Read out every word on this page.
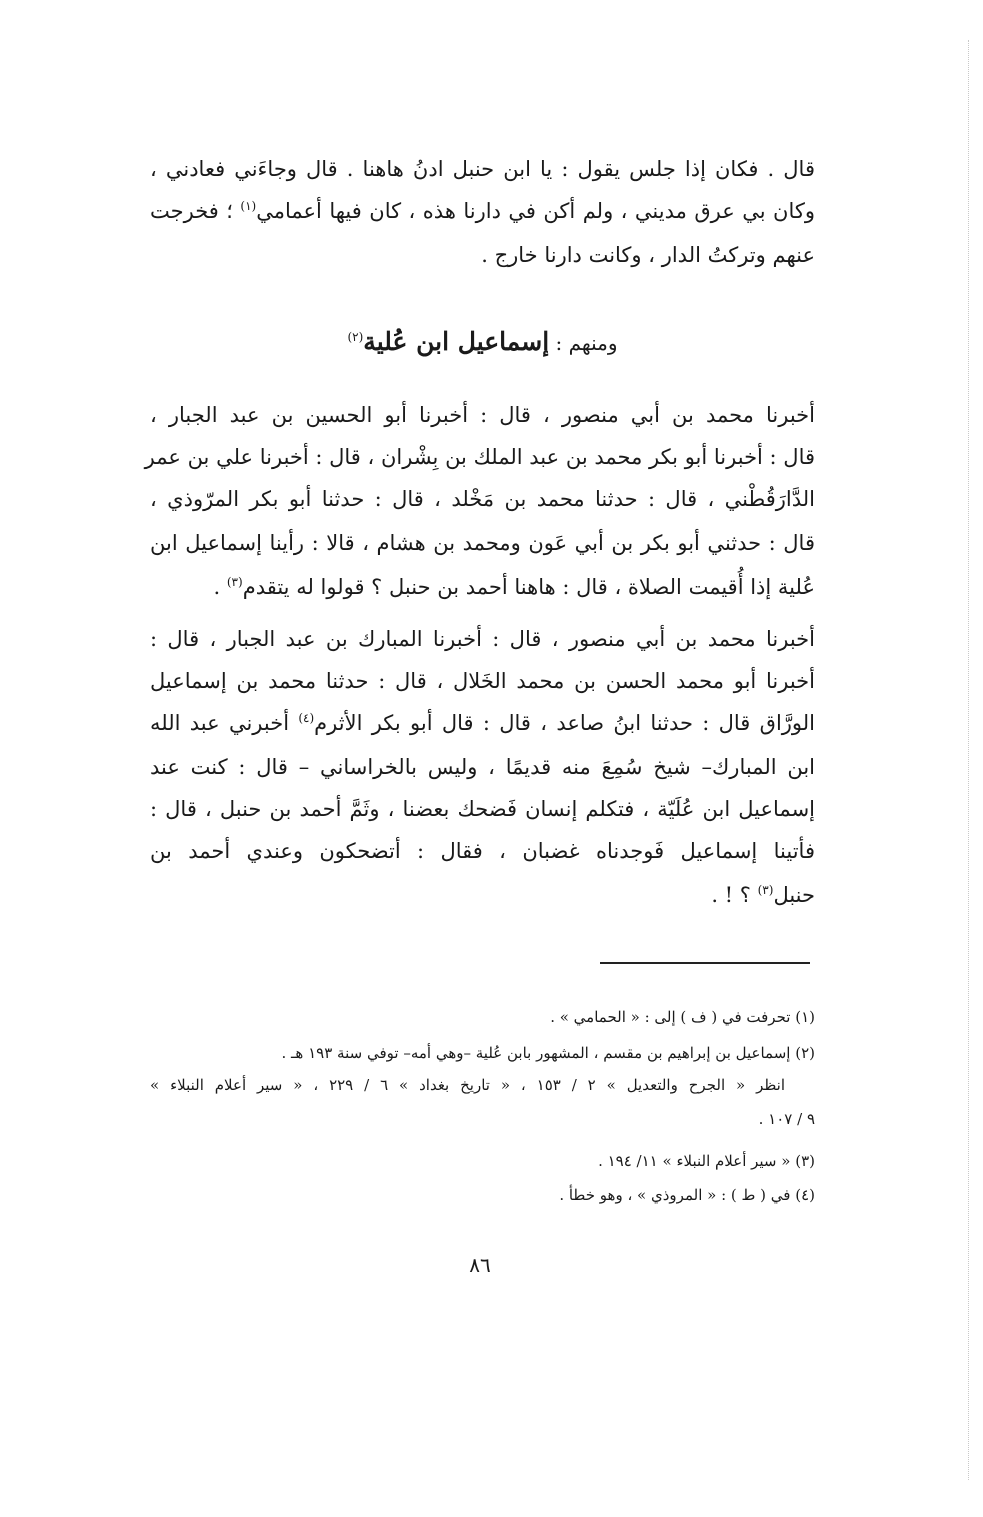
قال . فكان إذا جلس يقول : يا ابن حنبل ادنُ هاهنا . قال وجاءَني فعادني ،
وكان بي عرق مديني ، ولم أكن في دارنا هذه ، كان فيها أعمامي$^{(١)}$ ؛ فخرجت
عنهم وتركتُ الدار ، وكانت دارنا خارج .
ومنهم : إسماعيل ابن عُلية$^{(٢)}$
أخبرنا محمد بن أبي منصور ، قال : أخبرنا أبو الحسين بن عبد الجبار ،
قال : أخبرنا أبو بكر محمد بن عبد الملك بن بِشْران ، قال : أخبرنا علي بن عمر
الدَّارَقُطْني ، قال : حدثنا محمد بن مَخْلد ، قال : حدثنا أبو بكر المرّوذي ،
قال : حدثني أبو بكر بن أبي عَون ومحمد بن هشام ، قالا : رأينا إسماعيل ابن
عُلية إذا أُقيمت الصلاة ، قال : هاهنا أحمد بن حنبل ؟ قولوا له يتقدم$^{(٣)}$ .
أخبرنا محمد بن أبي منصور ، قال : أخبرنا المبارك بن عبد الجبار ، قال :
أخبرنا أبو محمد الحسن بن محمد الخَلال ، قال : حدثنا محمد بن إسماعيل
الورَّاق قال : حدثنا ابنُ صاعد ، قال : قال أبو بكر الأثرم$^{(٤)}$ أخبرني عبد الله
ابن المبارك– شيخ سُمِعَ منه قديمًا ، وليس بالخراساني – قال : كنت عند
إسماعيل ابن عُلَيّة ، فتكلم إنسان فَضحك بعضنا ، وثَمَّ أحمد بن حنبل ، قال :
فأتينا إسماعيل فَوجدناه غضبان ، فقال : أتضحكون وعندي أحمد بن
حنبل$^{(٣)}$ ؟ ! .
(١) تحرفت في ( ف ) إلى : « الحمامي » .
(٢) إسماعيل بن إبراهيم بن مقسم ، المشهور بابن عُلية –وهي أمه– توفي سنة ١٩٣ هـ .
انظر « الجرح والتعديل » ٢ / ١٥٣ ، « تاريخ بغداد » ٦ / ٢٢٩ ، « سير أعلام النبلاء »
٩ / ١٠٧ .
(٣) « سير أعلام النبلاء » ١١/ ١٩٤ .
(٤) في ( ط ) : « المروذي » ، وهو خطأ .
٨٦
